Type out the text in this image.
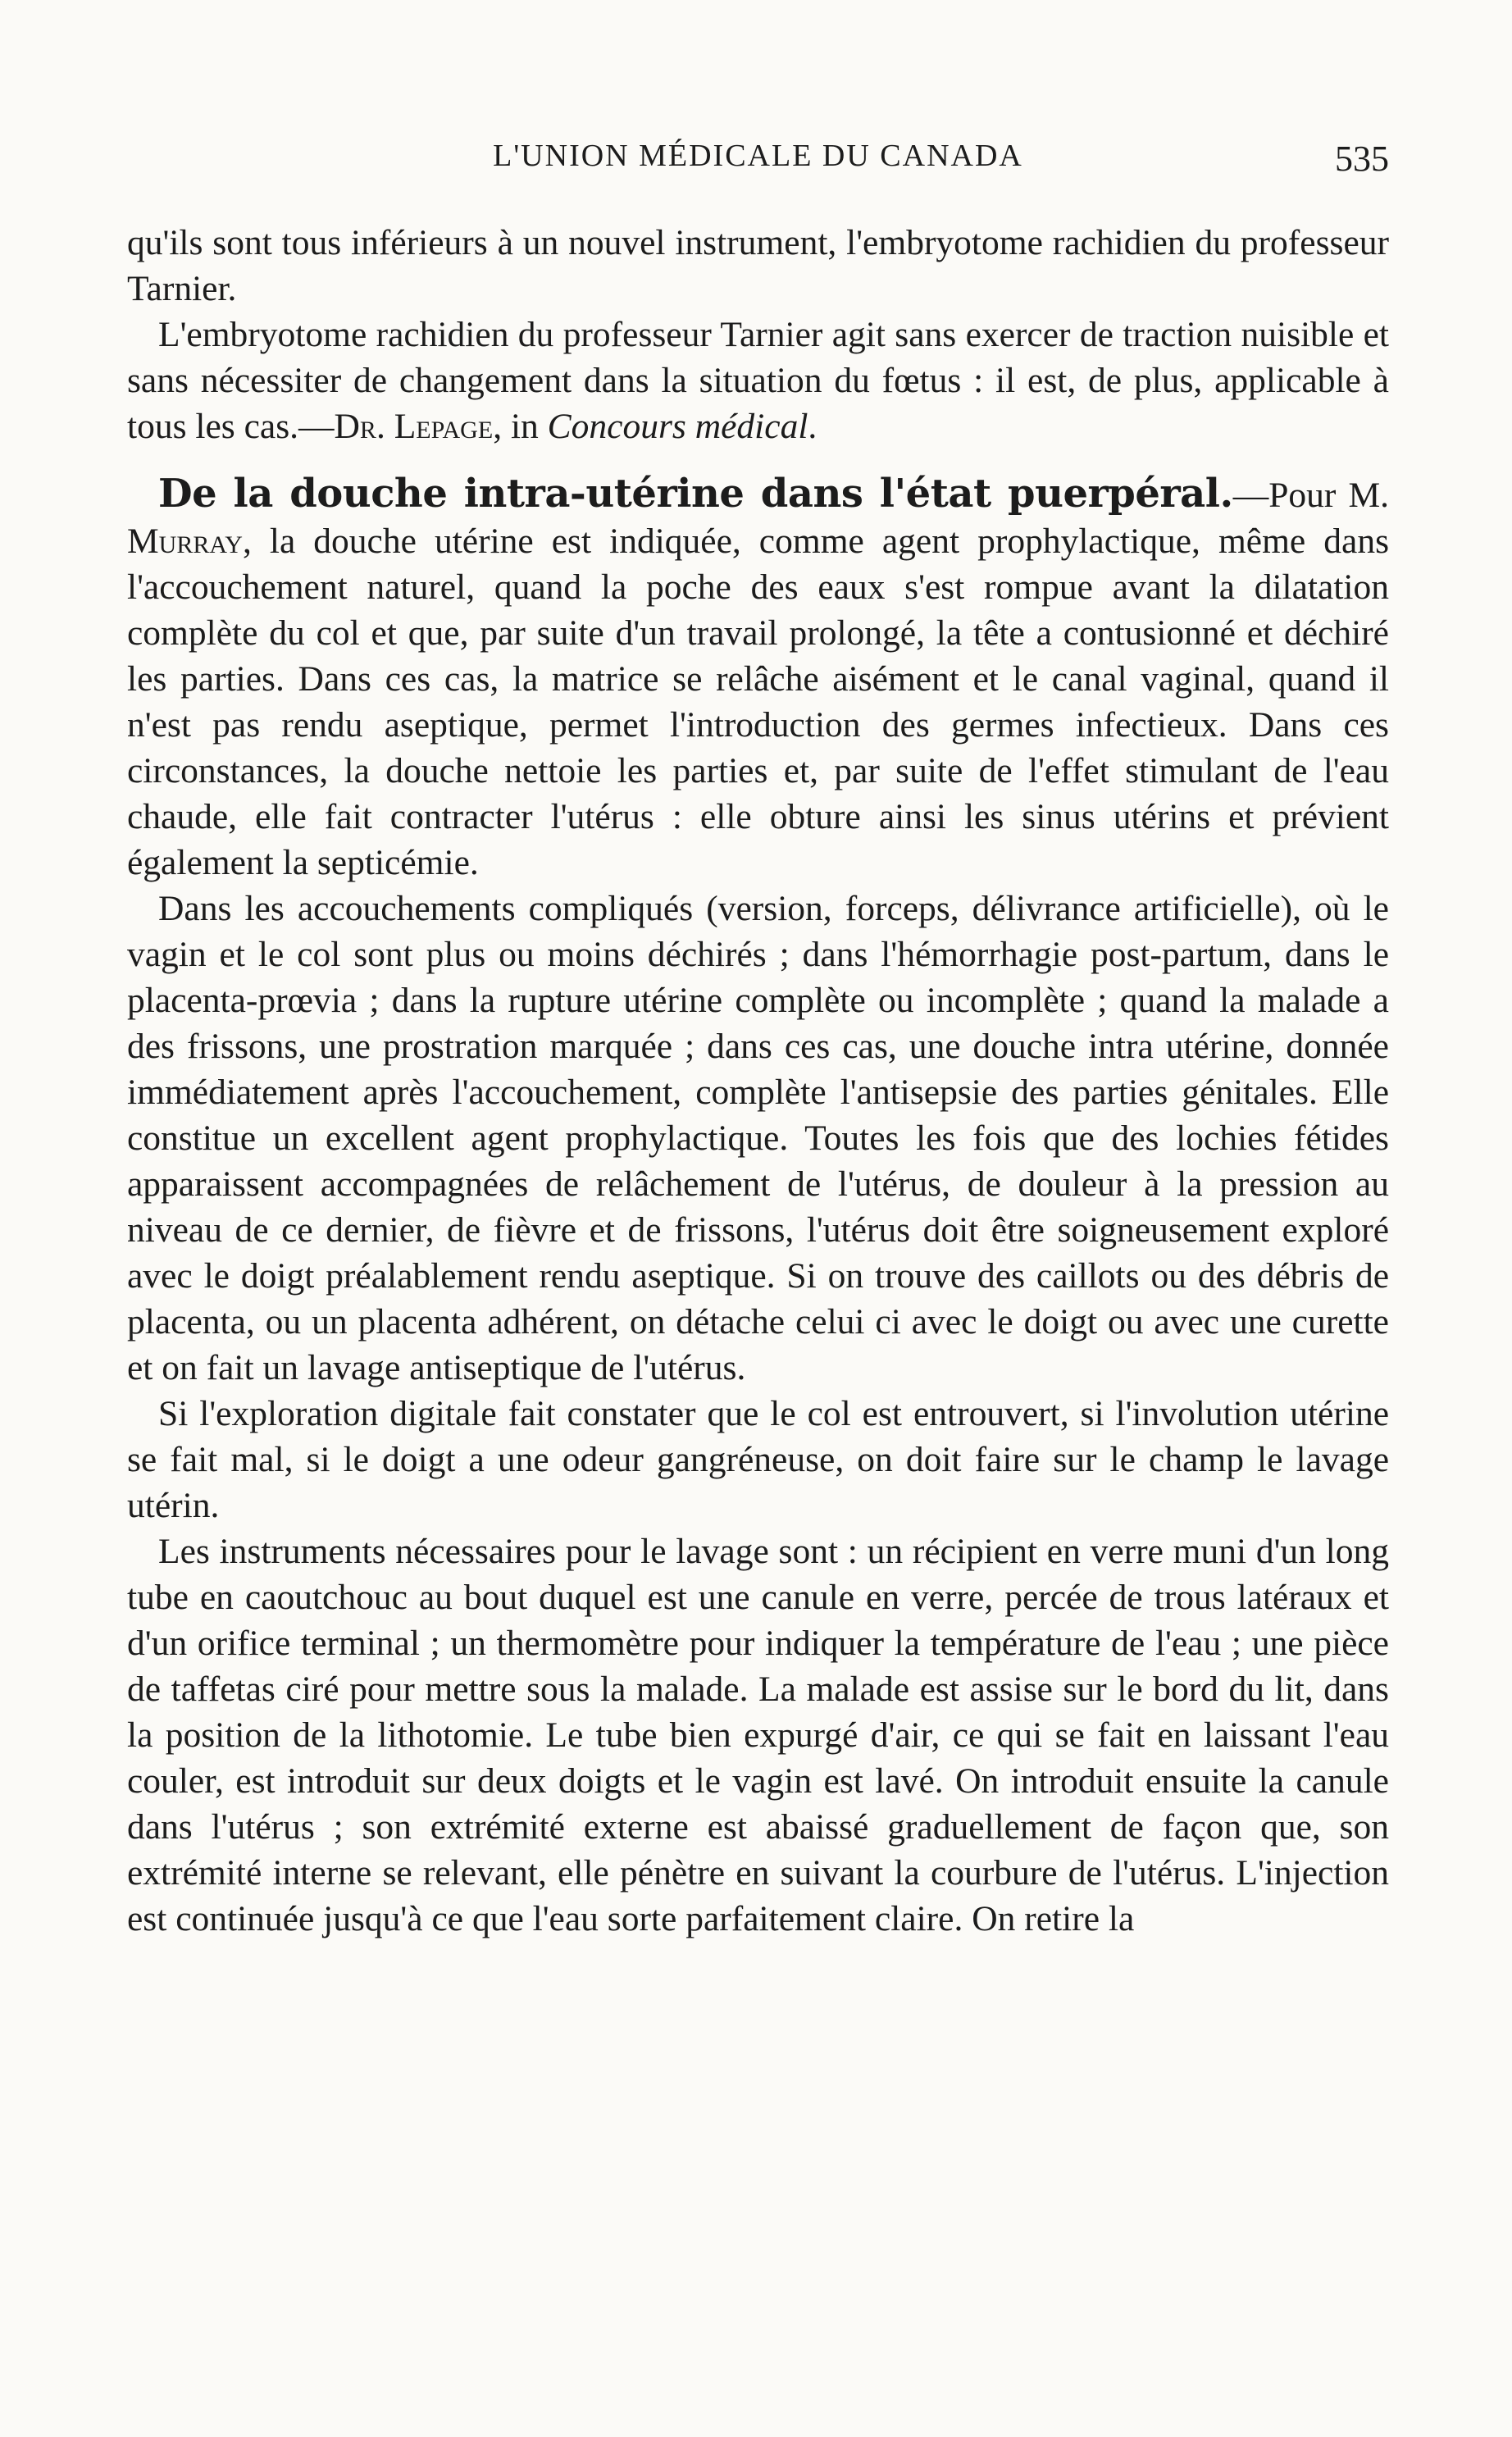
L'UNION MÉDICALE DU CANADA	535

qu'ils sont tous inférieurs à un nouvel instrument, l'embryotome rachidien du professeur Tarnier.

L'embryotome rachidien du professeur Tarnier agit sans exercer de traction nuisible et sans nécessiter de changement dans la situation du fœtus : il est, de plus, applicable à tous les cas.—Dr. Lepage, in Concours médical.

De la douche intra-utérine dans l'état puerpéral.—Pour M. Murray, la douche utérine est indiquée, comme agent prophylactique, même dans l'accouchement naturel, quand la poche des eaux s'est rompue avant la dilatation complète du col et que, par suite d'un travail prolongé, la tête a contusionné et déchiré les parties. Dans ces cas, la matrice se relâche aisément et le canal vaginal, quand il n'est pas rendu aseptique, permet l'introduction des germes infectieux. Dans ces circonstances, la douche nettoie les parties et, par suite de l'effet stimulant de l'eau chaude, elle fait contracter l'utérus : elle obture ainsi les sinus utérins et prévient également la septicémie.

Dans les accouchements compliqués (version, forceps, délivrance artificielle), où le vagin et le col sont plus ou moins déchirés ; dans l'hémorrhagie post-partum, dans le placenta-prœvia ; dans la rupture utérine complète ou incomplète ; quand la malade a des frissons, une prostration marquée ; dans ces cas, une douche intra utérine, donnée immédiatement après l'accouchement, complète l'antisepsie des parties génitales. Elle constitue un excellent agent prophylactique. Toutes les fois que des lochies fétides apparaissent accompagnées de relâchement de l'utérus, de douleur à la pression au niveau de ce dernier, de fièvre et de frissons, l'utérus doit être soigneusement exploré avec le doigt préalablement rendu aseptique. Si on trouve des caillots ou des débris de placenta, ou un placenta adhérent, on détache celui ci avec le doigt ou avec une curette et on fait un lavage antiseptique de l'utérus.

Si l'exploration digitale fait constater que le col est entrouvert, si l'involution utérine se fait mal, si le doigt a une odeur gangréneuse, on doit faire sur le champ le lavage utérin.

Les instruments nécessaires pour le lavage sont : un récipient en verre muni d'un long tube en caoutchouc au bout duquel est une canule en verre, percée de trous latéraux et d'un orifice terminal ; un thermomètre pour indiquer la température de l'eau ; une pièce de taffetas ciré pour mettre sous la malade. La malade est assise sur le bord du lit, dans la position de la lithotomie. Le tube bien expurgé d'air, ce qui se fait en laissant l'eau couler, est introduit sur deux doigts et le vagin est lavé. On introduit ensuite la canule dans l'utérus ; son extrémité externe est abaissé graduellement de façon que, son extrémité interne se relevant, elle pénètre en suivant la courbure de l'utérus. L'injection est continuée jusqu'à ce que l'eau sorte parfaitement claire. On retire la
